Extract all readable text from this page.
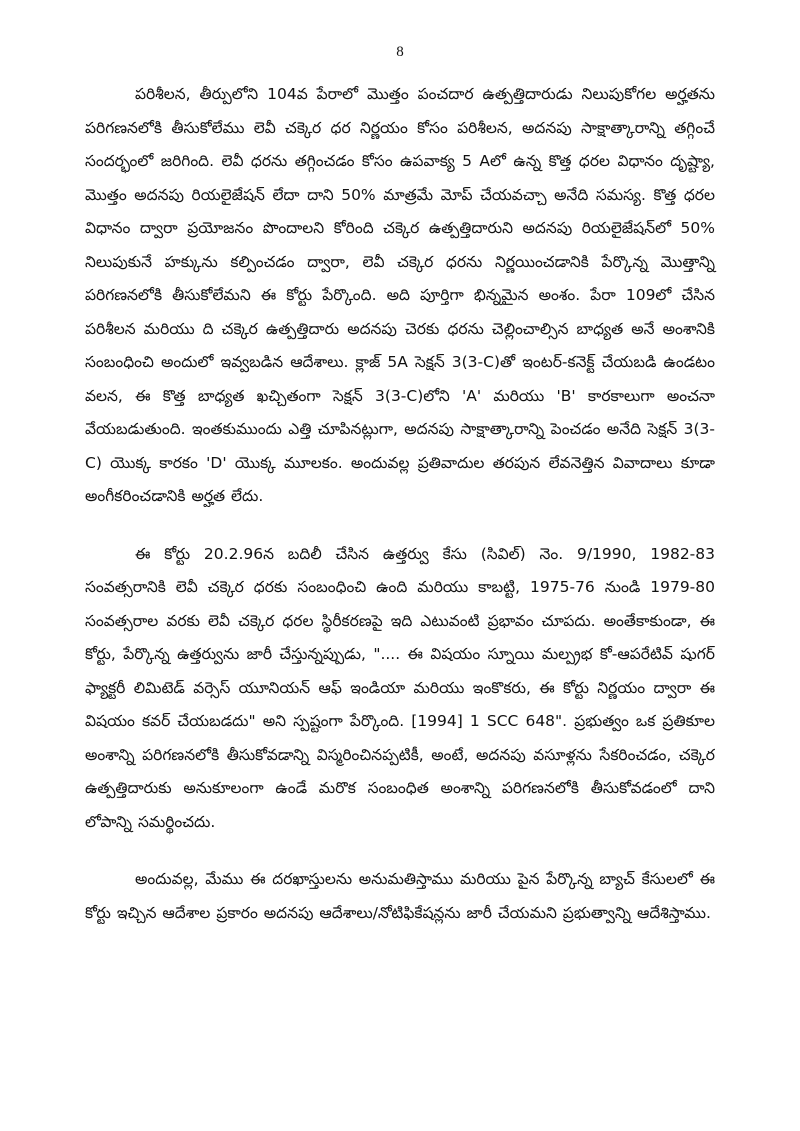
8

పరిశీలన, తీర్పులోని 104వ పేరాలో మొత్తం పంచదార ఉత్పత్తిదారుడు నిలుపుకోగల అర్హతను పరిగణనలోకి తీసుకోలేము లెవీ చక్కెర ధర నిర్ణయం కోసం పరిశీలన, అదనపు సాక్షాత్కారాన్ని తగ్గించే సందర్భంలో జరిగింది. లెవీ ధరను తగ్గించడం కోసం ఉపవాక్య 5 Aలో ఉన్న కొత్త ధరల విధానం దృష్ట్యా, మొత్తం అదనపు రియలైజేషన్ లేదా దాని 50% మాత్రమే మోప్ చేయవచ్చా అనేది సమస్య. కొత్త ధరల విధానం ద్వారా ప్రయోజనం పొందాలని కోరింది చక్కెర ఉత్పత్తిదారుని అదనపు రియలైజేషన్‌లో 50% నిలుపుకునే హక్కును కల్పించడం ద్వారా, లెవీ చక్కెర ధరను నిర్ణయించడానికి పేర్కొన్న మొత్తాన్ని పరిగణనలోకి తీసుకోలేమని ఈ కోర్టు పేర్కొంది. అది పూర్తిగా భిన్నమైన అంశం. పేరా 109లో చేసిన పరిశీలన మరియు ది చక్కెర ఉత్పత్తిదారు అదనపు చెరకు ధరను చెల్లించాల్సిన బాధ్యత అనే అంశానికి సంబంధించి అందులో ఇవ్వబడిన ఆదేశాలు. క్లాజ్ 5A సెక్షన్ 3(3-C)తో ఇంటర్-కనెక్ట్ చేయబడి ఉండటం వలన, ఈ కొత్త బాధ్యత ఖచ్చితంగా సెక్షన్ 3(3-C)లోని 'A' మరియు 'B' కారకాలుగా అంచనా వేయబడుతుంది. ఇంతకుముందు ఎత్తి చూపినట్లుగా, అదనపు సాక్షాత్కారాన్ని పెంచడం అనేది సెక్షన్ 3(3-C) యొక్క కారకం 'D' యొక్క మూలకం. అందువల్ల ప్రతివాదుల తరపున లేవనెత్తిన వివాదాలు కూడా అంగీకరించడానికి అర్హత లేదు.

ఈ కోర్టు 20.2.96న బదిలీ చేసిన ఉత్తర్వు కేసు (సివిల్) నెం. 9/1990, 1982-83 సంవత్సరానికి లెవీ చక్కెర ధరకు సంబంధించి ఉంది మరియు కాబట్టి, 1975-76 నుండి 1979-80 సంవత్సరాల వరకు లెవీ చక్కెర ధరల స్థిరీకరణపై ఇది ఎటువంటి ప్రభావం చూపదు. అంతేకాకుండా, ఈ కోర్టు, పేర్కొన్న ఉత్తర్వును జారీ చేస్తున్నప్పుడు, ".... ఈ విషయం స్నూయి మల్ప్రభ కో-ఆపరేటివ్ షుగర్ ఫ్యాక్టరీ లిమిటెడ్ వర్సెస్ యూనియన్ ఆఫ్ ఇండియా మరియు ఇంకొకరు, ఈ కోర్టు నిర్ణయం ద్వారా ఈ విషయం కవర్ చేయబడదు" అని స్పష్టంగా పేర్కొంది. [1994] 1 SCC 648". ప్రభుత్వం ఒక ప్రతికూల అంశాన్ని పరిగణనలోకి తీసుకోవడాన్ని విస్మరించినప్పటికీ, అంటే, అదనపు వసూళ్లను సేకరించడం, చక్కెర ఉత్పత్తిదారుకు అనుకూలంగా ఉండే మరొక సంబంధిత అంశాన్ని పరిగణనలోకి తీసుకోవడంలో దాని లోపాన్ని సమర్థించదు.

అందువల్ల, మేము ఈ దరఖాస్తులను అనుమతిస్తాము మరియు పైన పేర్కొన్న బ్యాచ్ కేసులలో ఈ కోర్టు ఇచ్చిన ఆదేశాల ప్రకారం అదనపు ఆదేశాలు/నోటిఫికేషన్లను జారీ చేయమని ప్రభుత్వాన్ని ఆదేశిస్తాము.
